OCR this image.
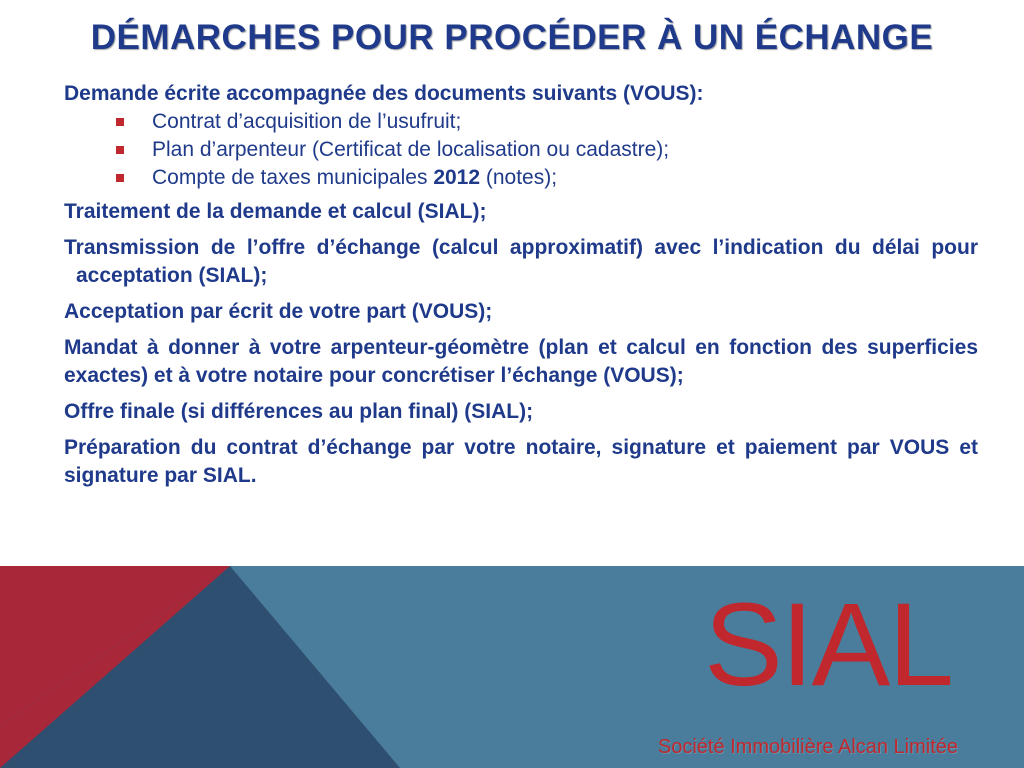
DÉMARCHES POUR PROCÉDER À UN ÉCHANGE

Demande écrite accompagnée des documents suivants (VOUS):

Contrat d’acquisition de l’usufruit;
Plan d’arpenteur (Certificat de localisation ou cadastre);
Compte de taxes municipales 2012 (notes);

Traitement de la demande et calcul (SIAL);

Transmission de l’offre d’échange (calcul approximatif) avec l’indication du délai pour acceptation (SIAL);

Acceptation par écrit de votre part (VOUS);

Mandat à donner à votre arpenteur-géomètre (plan et calcul en fonction des superficies exactes) et à votre notaire pour concrétiser l’échange (VOUS);

Offre finale (si différences au plan final) (SIAL);

Préparation du contrat d’échange par votre notaire, signature et paiement par VOUS et signature par SIAL.

SIAL
Société Immobilière Alcan Limitée
